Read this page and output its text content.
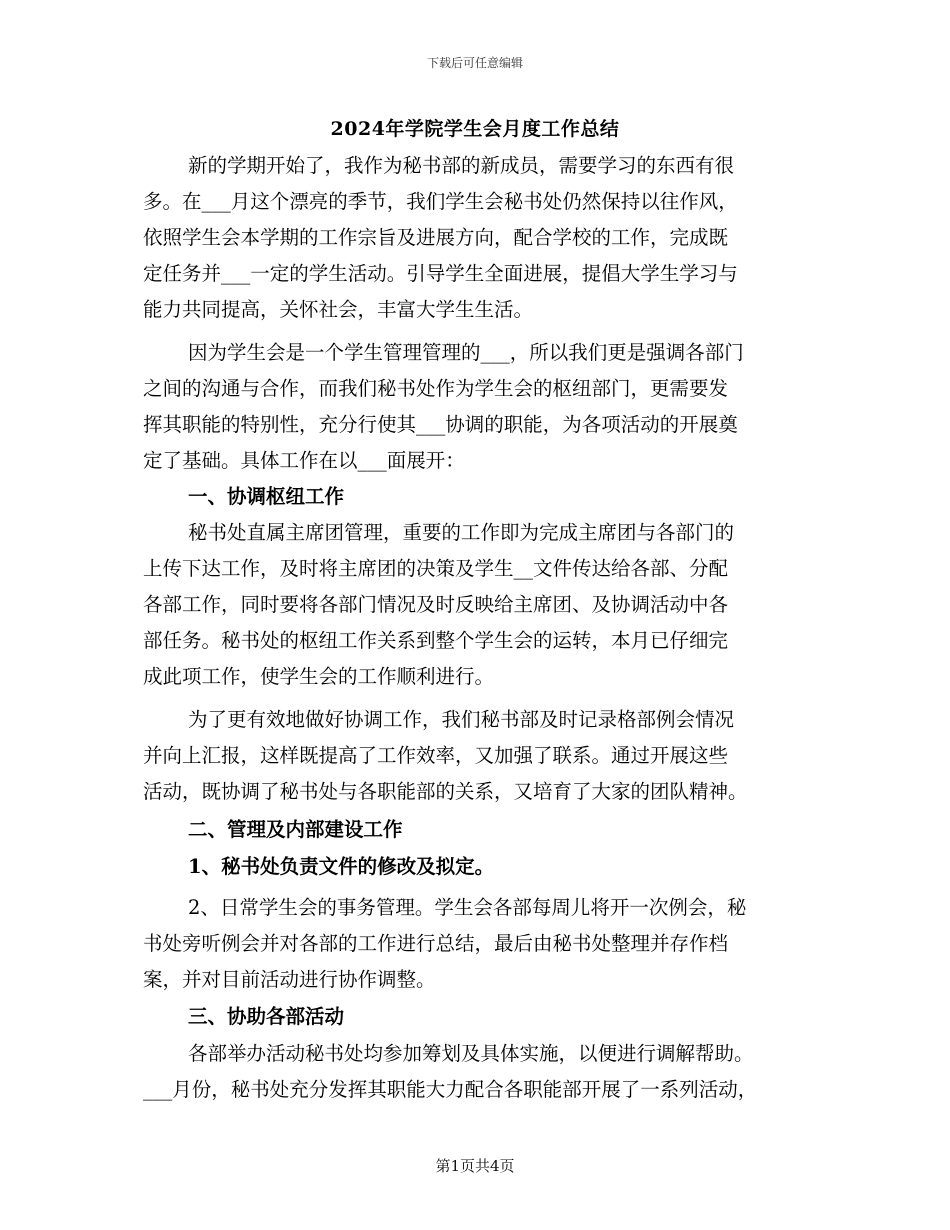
下载后可任意编辑
2024年学院学生会月度工作总结
新的学期开始了，我作为秘书部的新成员，需要学习的东西有很
多。在___月这个漂亮的季节，我们学生会秘书处仍然保持以往作风，
依照学生会本学期的工作宗旨及进展方向，配合学校的工作，完成既
定任务并___一定的学生活动。引导学生全面进展，提倡大学生学习与
能力共同提高，关怀社会，丰富大学生生活。
因为学生会是一个学生管理管理的___，所以我们更是强调各部门
之间的沟通与合作，而我们秘书处作为学生会的枢纽部门，更需要发
挥其职能的特别性，充分行使其___协调的职能，为各项活动的开展奠
定了基础。具体工作在以___面展开：
一、协调枢纽工作
秘书处直属主席团管理，重要的工作即为完成主席团与各部门的
上传下达工作，及时将主席团的决策及学生__文件传达给各部、分配
各部工作，同时要将各部门情况及时反映给主席团、及协调活动中各
部任务。秘书处的枢纽工作关系到整个学生会的运转，本月已仔细完
成此项工作，使学生会的工作顺利进行。
为了更有效地做好协调工作，我们秘书部及时记录格部例会情况
并向上汇报，这样既提高了工作效率，又加强了联系。通过开展这些
活动，既协调了秘书处与各职能部的关系，又培育了大家的团队精神。
二、管理及内部建设工作
1、秘书处负责文件的修改及拟定。
2、日常学生会的事务管理。学生会各部每周儿将开一次例会，秘
书处旁听例会并对各部的工作进行总结，最后由秘书处整理并存作档
案，并对目前活动进行协作调整。
三、协助各部活动
各部举办活动秘书处均参加筹划及具体实施，以便进行调解帮助。
___月份，秘书处充分发挥其职能大力配合各职能部开展了一系列活动，
第1页共4页
